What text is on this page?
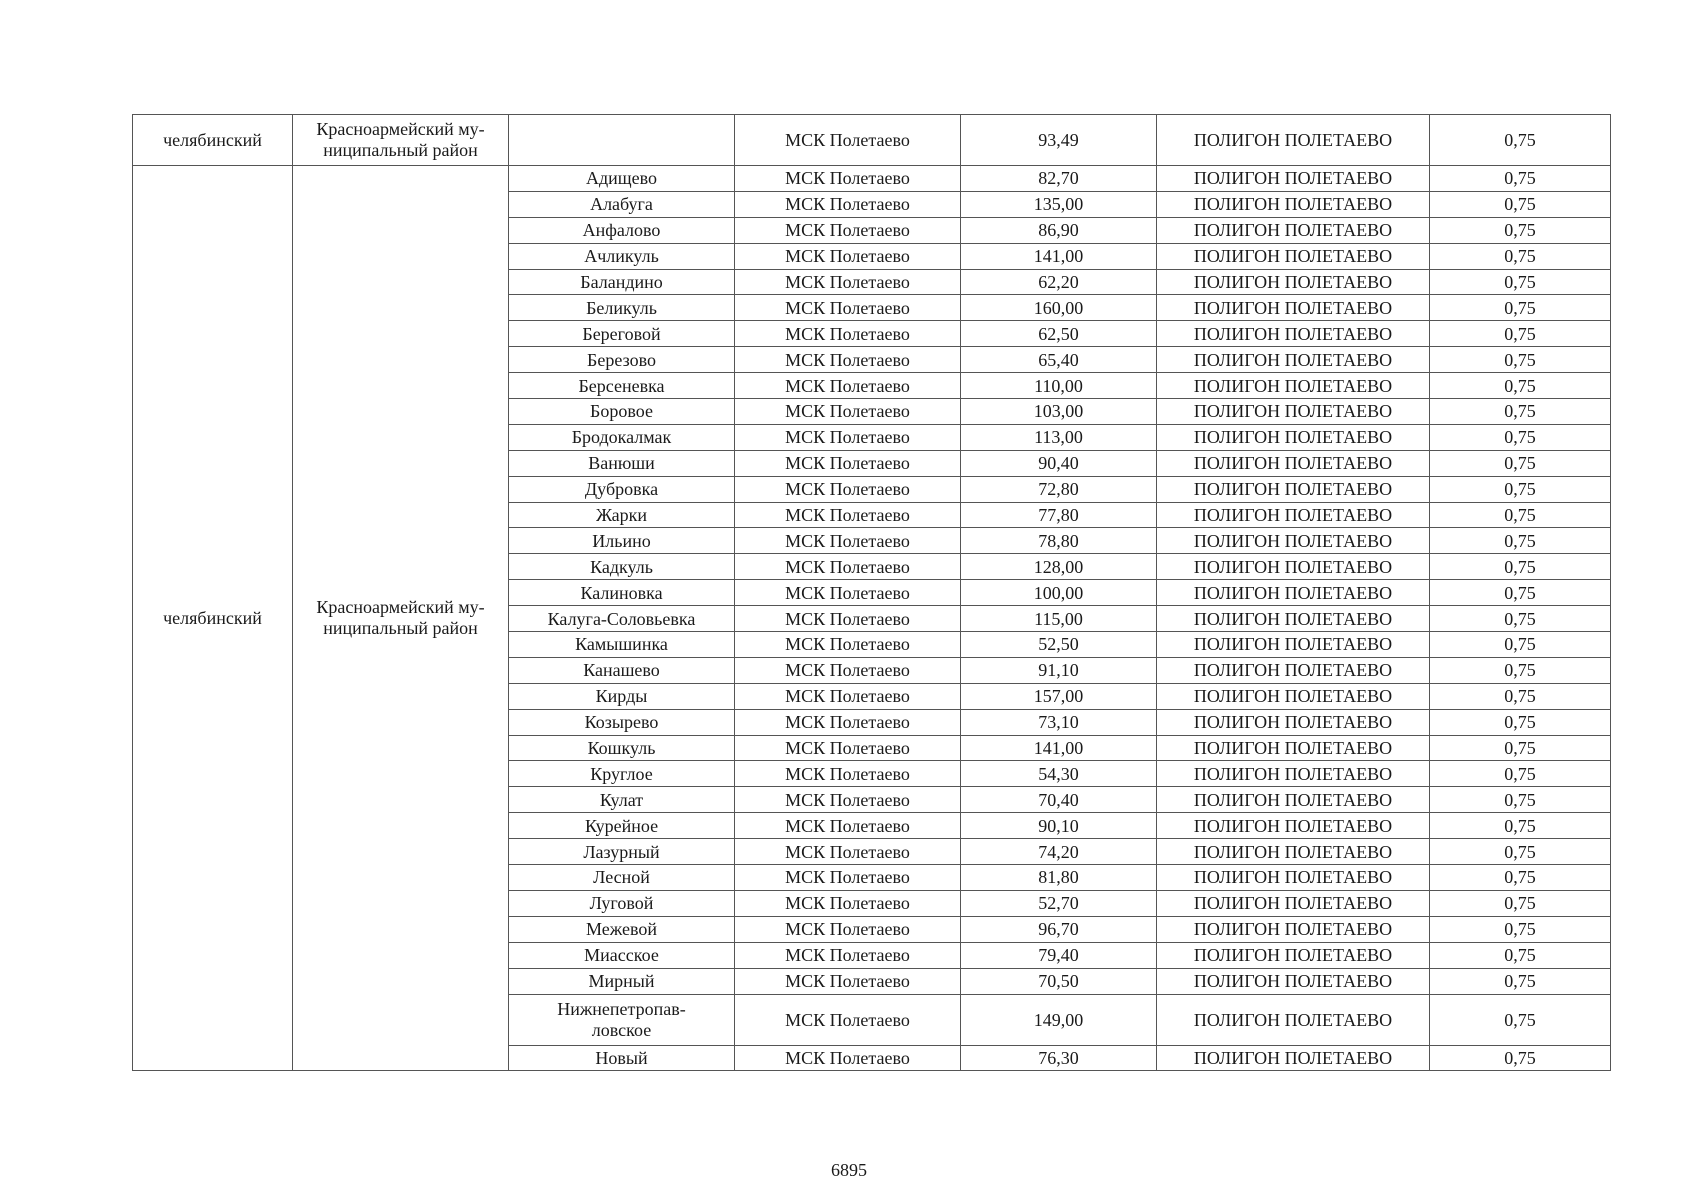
челябинский	Красноармейский му-
ниципальный район		МСК Полетаево	93,49	ПОЛИГОН ПОЛЕТАЕВО	0,75
челябинский	Красноармейский му-
ниципальный район	Адищево	МСК Полетаево	82,70	ПОЛИГОН ПОЛЕТАЕВО	0,75
		Алабуга	МСК Полетаево	135,00	ПОЛИГОН ПОЛЕТАЕВО	0,75
		Анфалово	МСК Полетаево	86,90	ПОЛИГОН ПОЛЕТАЕВО	0,75
		Ачликуль	МСК Полетаево	141,00	ПОЛИГОН ПОЛЕТАЕВО	0,75
		Баландино	МСК Полетаево	62,20	ПОЛИГОН ПОЛЕТАЕВО	0,75
		Беликуль	МСК Полетаево	160,00	ПОЛИГОН ПОЛЕТАЕВО	0,75
		Береговой	МСК Полетаево	62,50	ПОЛИГОН ПОЛЕТАЕВО	0,75
		Березово	МСК Полетаево	65,40	ПОЛИГОН ПОЛЕТАЕВО	0,75
		Берсеневка	МСК Полетаево	110,00	ПОЛИГОН ПОЛЕТАЕВО	0,75
		Боровое	МСК Полетаево	103,00	ПОЛИГОН ПОЛЕТАЕВО	0,75
		Бродокалмак	МСК Полетаево	113,00	ПОЛИГОН ПОЛЕТАЕВО	0,75
		Ванюши	МСК Полетаево	90,40	ПОЛИГОН ПОЛЕТАЕВО	0,75
		Дубровка	МСК Полетаево	72,80	ПОЛИГОН ПОЛЕТАЕВО	0,75
		Жарки	МСК Полетаево	77,80	ПОЛИГОН ПОЛЕТАЕВО	0,75
		Ильино	МСК Полетаево	78,80	ПОЛИГОН ПОЛЕТАЕВО	0,75
		Кадкуль	МСК Полетаево	128,00	ПОЛИГОН ПОЛЕТАЕВО	0,75
		Калиновка	МСК Полетаево	100,00	ПОЛИГОН ПОЛЕТАЕВО	0,75
		Калуга-Соловьевка	МСК Полетаево	115,00	ПОЛИГОН ПОЛЕТАЕВО	0,75
		Камышинка	МСК Полетаево	52,50	ПОЛИГОН ПОЛЕТАЕВО	0,75
		Канашево	МСК Полетаево	91,10	ПОЛИГОН ПОЛЕТАЕВО	0,75
		Кирды	МСК Полетаево	157,00	ПОЛИГОН ПОЛЕТАЕВО	0,75
		Козырево	МСК Полетаево	73,10	ПОЛИГОН ПОЛЕТАЕВО	0,75
		Кошкуль	МСК Полетаево	141,00	ПОЛИГОН ПОЛЕТАЕВО	0,75
		Круглое	МСК Полетаево	54,30	ПОЛИГОН ПОЛЕТАЕВО	0,75
		Кулат	МСК Полетаево	70,40	ПОЛИГОН ПОЛЕТАЕВО	0,75
		Курейное	МСК Полетаево	90,10	ПОЛИГОН ПОЛЕТАЕВО	0,75
		Лазурный	МСК Полетаево	74,20	ПОЛИГОН ПОЛЕТАЕВО	0,75
		Лесной	МСК Полетаево	81,80	ПОЛИГОН ПОЛЕТАЕВО	0,75
		Луговой	МСК Полетаево	52,70	ПОЛИГОН ПОЛЕТАЕВО	0,75
		Межевой	МСК Полетаево	96,70	ПОЛИГОН ПОЛЕТАЕВО	0,75
		Миасское	МСК Полетаево	79,40	ПОЛИГОН ПОЛЕТАЕВО	0,75
		Мирный	МСК Полетаево	70,50	ПОЛИГОН ПОЛЕТАЕВО	0,75
		Нижнепетропав-
ловское	МСК Полетаево	149,00	ПОЛИГОН ПОЛЕТАЕВО	0,75
		Новый	МСК Полетаево	76,30	ПОЛИГОН ПОЛЕТАЕВО	0,75
6895
